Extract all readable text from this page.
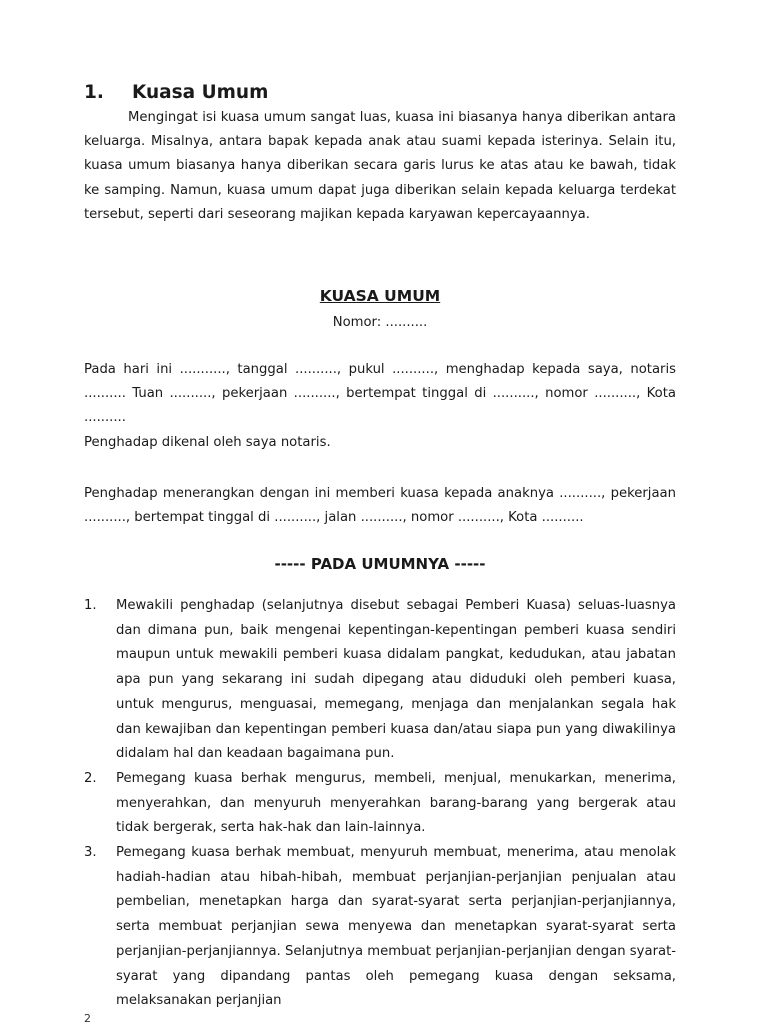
1. Kuasa Umum

Mengingat isi kuasa umum sangat luas, kuasa ini biasanya hanya diberikan antara keluarga. Misalnya, antara bapak kepada anak atau suami kepada isterinya. Selain itu, kuasa umum biasanya hanya diberikan secara garis lurus ke atas atau ke bawah, tidak ke samping. Namun, kuasa umum dapat juga diberikan selain kepada keluarga terdekat tersebut, seperti dari seseorang majikan kepada karyawan kepercayaannya.

KUASA UMUM

Nomor: ..........

Pada hari ini ..........., tanggal .........., pukul .........., menghadap kepada saya, notaris .......... Tuan .........., pekerjaan .........., bertempat tinggal di .........., nomor .........., Kota ..........

Penghadap dikenal oleh saya notaris.

Penghadap menerangkan dengan ini memberi kuasa kepada anaknya .........., pekerjaan .........., bertempat tinggal di .........., jalan .........., nomor .........., Kota ..........

----- PADA UMUMNYA -----
1. Mewakili penghadap (selanjutnya disebut sebagai Pemberi Kuasa) seluas-luasnya dan dimana pun, baik mengenai kepentingan-kepentingan pemberi kuasa sendiri maupun untuk mewakili pemberi kuasa didalam pangkat, kedudukan, atau jabatan apa pun yang sekarang ini sudah dipegang atau diduduki oleh pemberi kuasa, untuk mengurus, menguasai, memegang, menjaga dan menjalankan segala hak dan kewajiban dan kepentingan pemberi kuasa dan/atau siapa pun yang diwakilinya didalam hal dan keadaan bagaimana pun.
2. Pemegang kuasa berhak mengurus, membeli, menjual, menukarkan, menerima, menyerahkan, dan menyuruh menyerahkan barang-barang yang bergerak atau tidak bergerak, serta hak-hak dan lain-lainnya.
3. Pemegang kuasa berhak membuat, menyuruh membuat, menerima, atau menolak hadiah-hadian atau hibah-hibah, membuat perjanjian-perjanjian penjualan atau pembelian, menetapkan harga dan syarat-syarat serta perjanjian-perjanjiannya, serta membuat perjanjian sewa menyewa dan menetapkan syarat-syarat serta perjanjian-perjanjiannya. Selanjutnya membuat perjanjian-perjanjian dengan syarat-syarat yang dipandang pantas oleh pemegang kuasa dengan seksama, melaksanakan perjanjian
2
